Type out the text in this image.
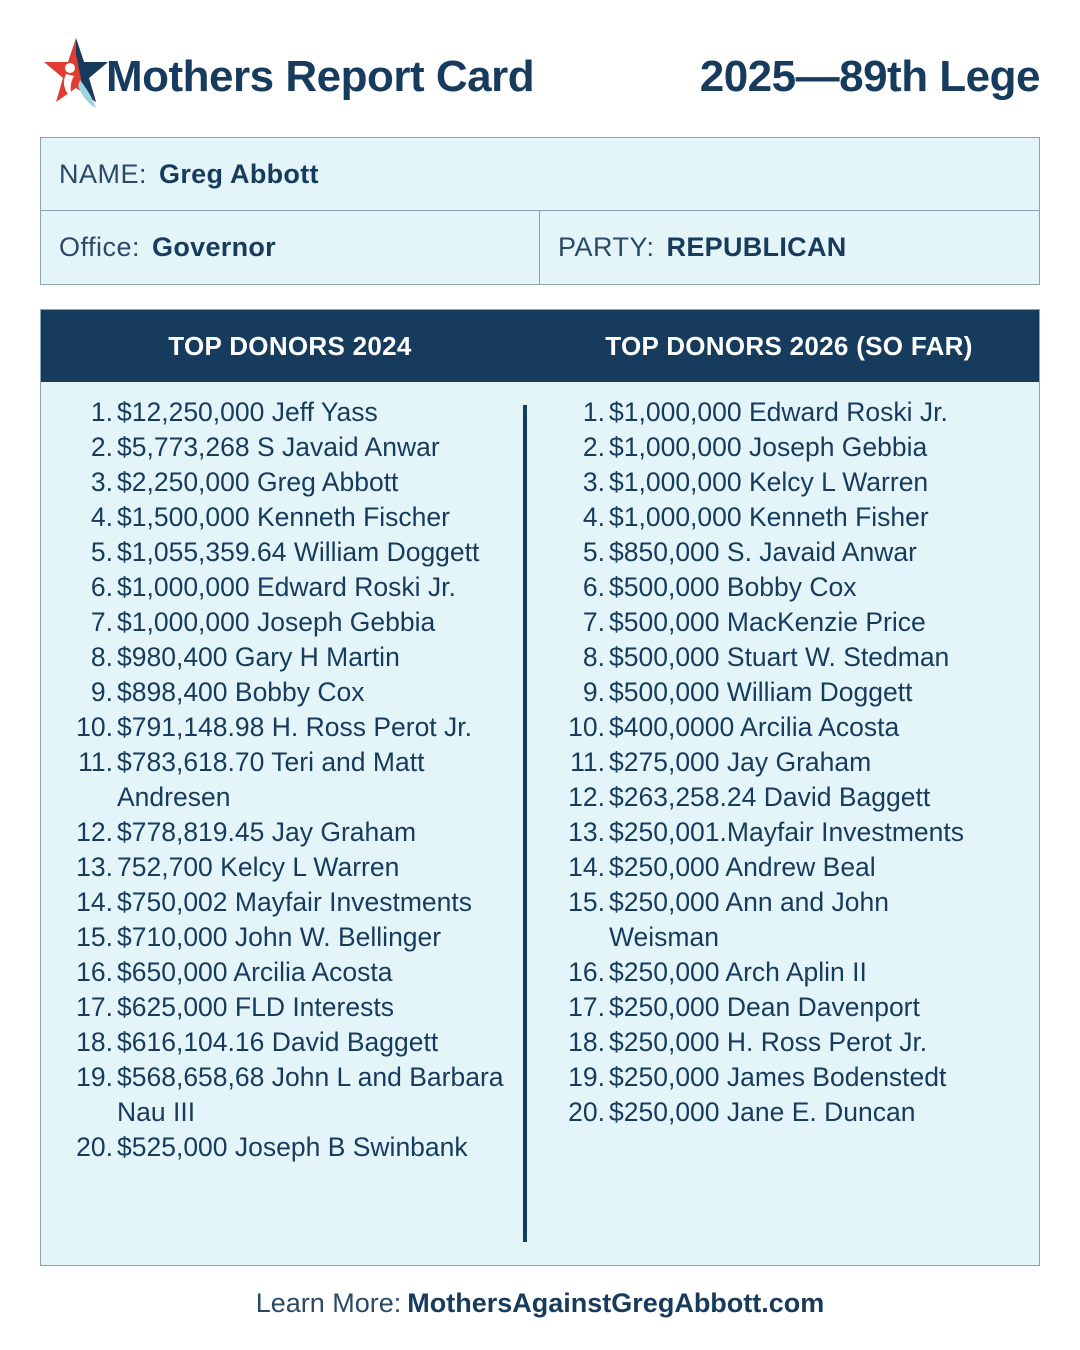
Mothers Report Card	2025—89th Lege
NAME: Greg Abbott
Office: Governor	PARTY: REPUBLICAN
TOP DONORS 2024	TOP DONORS 2026 (SO FAR)
1. $12,250,000 Jeff Yass
2. $5,773,268 S Javaid Anwar
3. $2,250,000 Greg Abbott
4. $1,500,000 Kenneth Fischer
5. $1,055,359.64 William Doggett
6. $1,000,000 Edward Roski Jr.
7. $1,000,000 Joseph Gebbia
8. $980,400 Gary H Martin
9. $898,400 Bobby Cox
10. $791,148.98 H. Ross Perot Jr.
11. $783,618.70 Teri and Matt
Andresen
12. $778,819.45 Jay Graham
13. 752,700 Kelcy L Warren
14. $750,002 Mayfair Investments
15. $710,000 John W. Bellinger
16. $650,000 Arcilia Acosta
17. $625,000 FLD Interests
18. $616,104.16 David Baggett
19. $568,658,68 John L and Barbara
Nau III
20. $525,000 Joseph B Swinbank
1. $1,000,000 Edward Roski Jr.
2. $1,000,000 Joseph Gebbia
3. $1,000,000 Kelcy L Warren
4. $1,000,000 Kenneth Fisher
5. $850,000 S. Javaid Anwar
6. $500,000 Bobby Cox
7. $500,000 MacKenzie Price
8. $500,000 Stuart W. Stedman
9. $500,000 William Doggett
10. $400,0000 Arcilia Acosta
11. $275,000 Jay Graham
12. $263,258.24 David Baggett
13. $250,001.Mayfair Investments
14. $250,000 Andrew Beal
15. $250,000 Ann and John
Weisman
16. $250,000 Arch Aplin II
17. $250,000 Dean Davenport
18. $250,000 H. Ross Perot Jr.
19. $250,000 James Bodenstedt
20. $250,000 Jane E. Duncan
Learn More: MothersAgainstGregAbbott.com
